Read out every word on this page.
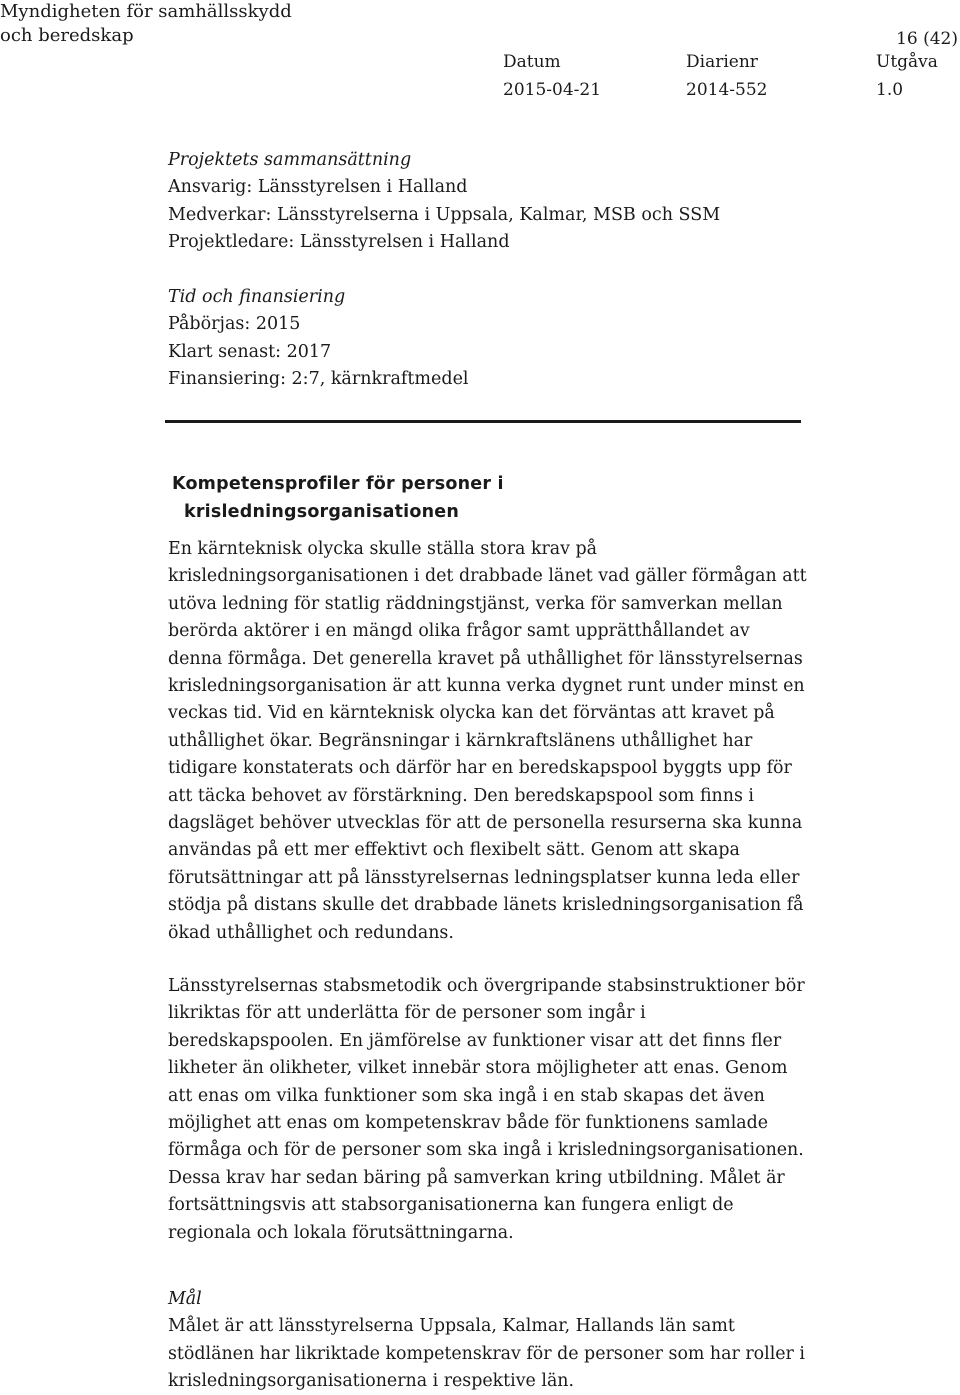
Myndigheten för samhällsskydd
och beredskap	16 (42)
Datum
2015-04-21
Diarienr
2014-552
Utgåva
1.0
Projektets sammansättning
Ansvarig: Länsstyrelsen i Halland
Medverkar: Länsstyrelserna i Uppsala, Kalmar, MSB och SSM
Projektledare: Länsstyrelsen i Halland
Tid och finansiering
Påbörjas: 2015
Klart senast: 2017
Finansiering: 2:7, kärnkraftmedel
Kompetensprofiler för personer i
krisledningsorganisationen
En kärnteknisk olycka skulle ställa stora krav på
krisledningsorganisationen i det drabbade länet vad gäller förmågan att
utöva ledning för statlig räddningstjänst, verka för samverkan mellan
berörda aktörer i en mängd olika frågor samt upprätthållandet av
denna förmåga. Det generella kravet på uthållighet för länsstyrelsernas
krisledningsorganisation är att kunna verka dygnet runt under minst en
veckas tid. Vid en kärnteknisk olycka kan det förväntas att kravet på
uthållighet ökar. Begränsningar i kärnkraftslänens uthållighet har
tidigare konstaterats och därför har en beredskapspool byggts upp för
att täcka behovet av förstärkning. Den beredskapspool som finns i
dagsläget behöver utvecklas för att de personella resurserna ska kunna
användas på ett mer effektivt och flexibelt sätt. Genom att skapa
förutsättningar att på länsstyrelsernas ledningsplatser kunna leda eller
stödja på distans skulle det drabbade länets krisledningsorganisation få
ökad uthållighet och redundans.
Länsstyrelsernas stabsmetodik och övergripande stabsinstruktioner bör
likriktas för att underlätta för de personer som ingår i
beredskapspoolen. En jämförelse av funktioner visar att det finns fler
likheter än olikheter, vilket innebär stora möjligheter att enas. Genom
att enas om vilka funktioner som ska ingå i en stab skapas det även
möjlighet att enas om kompetenskrav både för funktionens samlade
förmåga och för de personer som ska ingå i krisledningsorganisationen.
Dessa krav har sedan bäring på samverkan kring utbildning. Målet är
fortsättningsvis att stabsorganisationerna kan fungera enligt de
regionala och lokala förutsättningarna.
Mål
Målet är att länsstyrelserna Uppsala, Kalmar, Hallands län samt
stödlänen har likriktade kompetenskrav för de personer som har roller i
krisledningsorganisationerna i respektive län.
